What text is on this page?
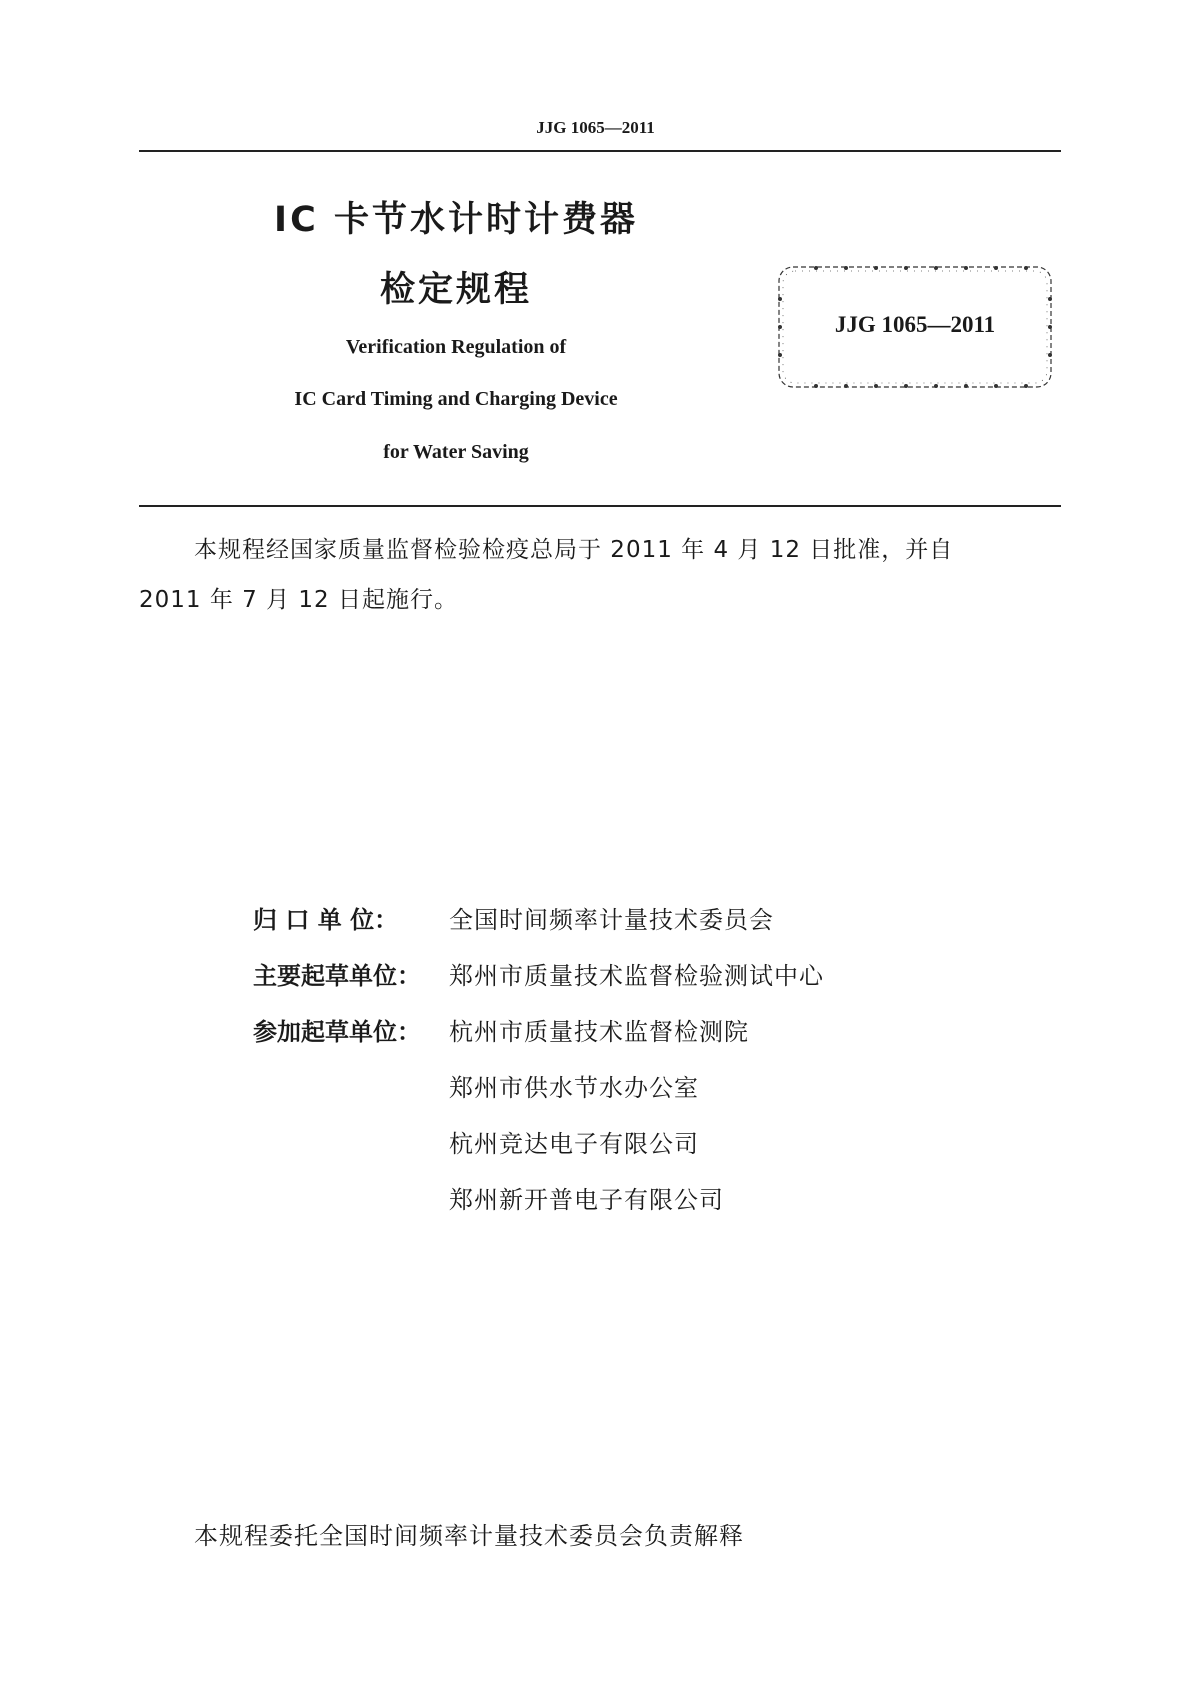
JJG 1065—2011
IC 卡节水计时计费器
检定规程
Verification Regulation of
IC Card Timing and Charging Device
for Water Saving
JJG 1065—2011
本规程经国家质量监督检验检疫总局于 2011 年 4 月 12 日批准，并自
2011 年 7 月 12 日起施行。
归 口 单 位： 全国时间频率计量技术委员会
主要起草单位： 郑州市质量技术监督检验测试中心
参加起草单位： 杭州市质量技术监督检测院
郑州市供水节水办公室
杭州竞达电子有限公司
郑州新开普电子有限公司
本规程委托全国时间频率计量技术委员会负责解释
